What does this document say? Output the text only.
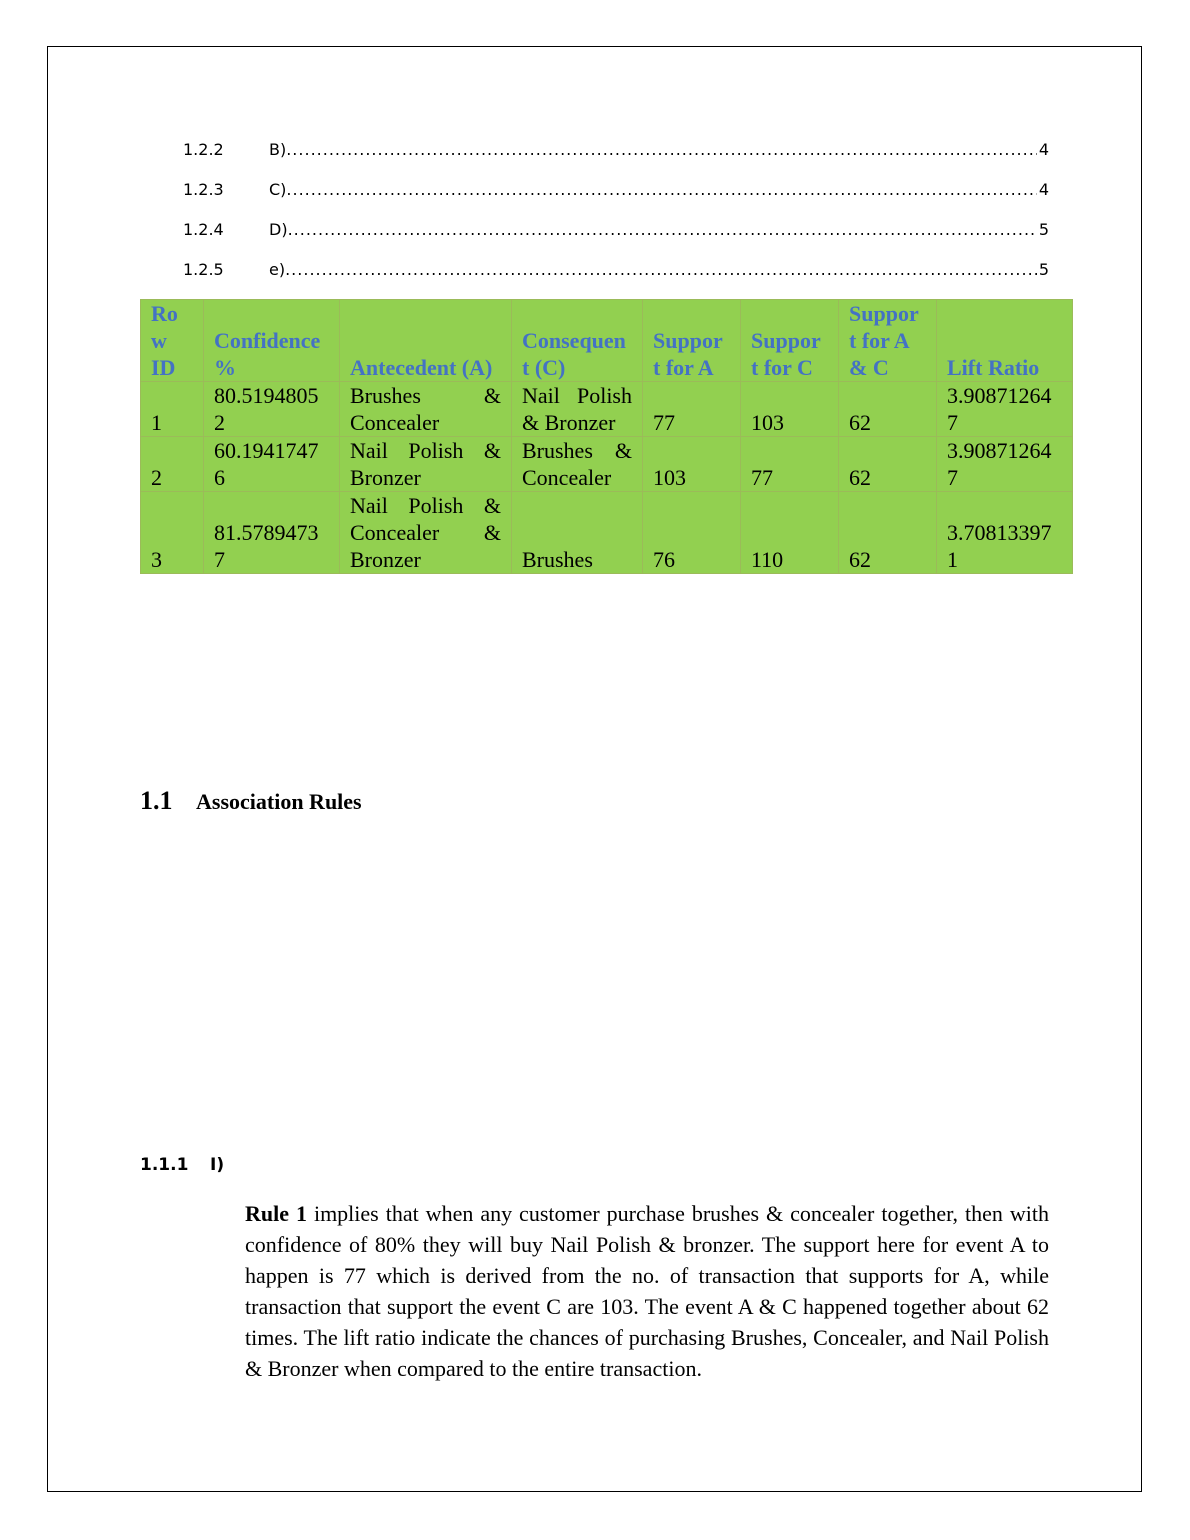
1.2.2	B) .....	4
1.2.3	C) .....	4
1.2.4	D) .....	5
1.2.5	e) .....	5
Row ID	Confidence %	Antecedent (A)	Consequent (C)	Support for A	Support for C	Support for A & C	Lift Ratio
1	80.51948052	Brushes & Concealer	Nail Polish & Bronzer	77	103	62	3.908712647
2	60.19417476	Nail Polish & Bronzer	Brushes & Concealer	103	77	62	3.908712647
3	81.57894737	Nail Polish & Concealer & Bronzer	Brushes	76	110	62	3.708133971
1.1	Association Rules
1.1.1	I)

Rule 1 implies that when any customer purchase brushes & concealer together, then with confidence of 80% they will buy Nail Polish & bronzer. The support here for event A to happen is 77 which is derived from the no. of transaction that supports for A, while transaction that support the event C are 103. The event A & C happened together about 62 times. The lift ratio indicate the chances of purchasing Brushes, Concealer, and Nail Polish & Bronzer when compared to the entire transaction.
